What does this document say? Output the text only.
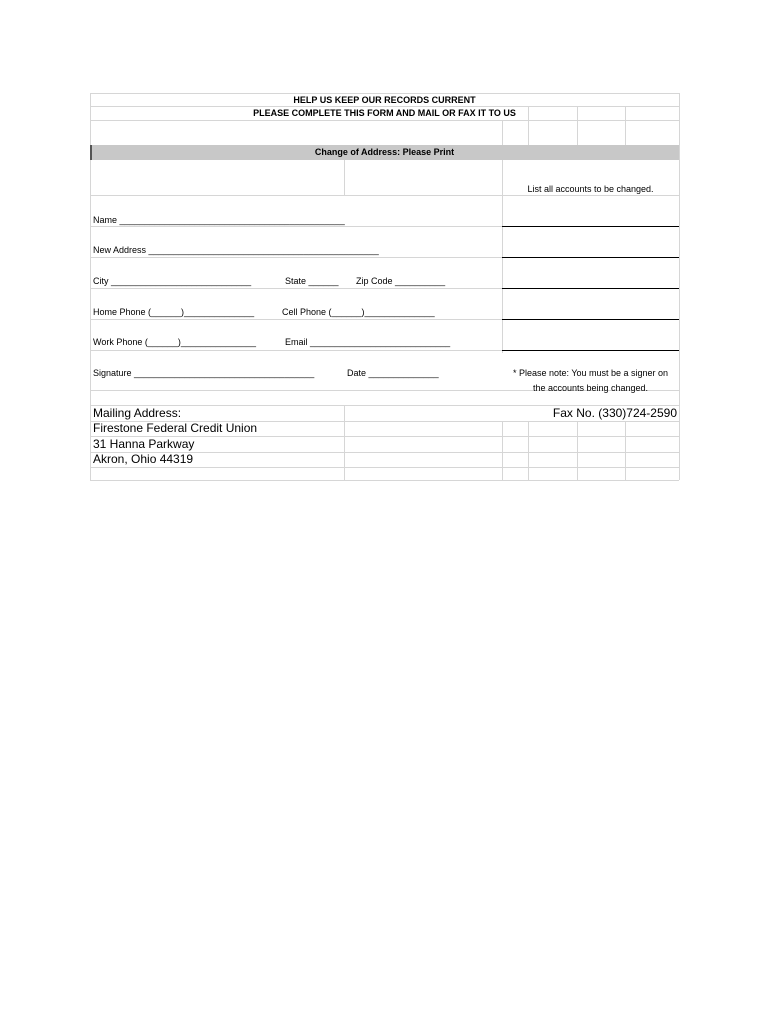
HELP US KEEP OUR RECORDS CURRENT
PLEASE COMPLETE THIS FORM AND MAIL OR FAX IT TO US
Change of Address: Please Print
List all accounts to be changed.
Name _____________________________________________
New Address ______________________________________________
City ____________________________	State ______ Zip Code __________
Home Phone (______)______________	Cell Phone (______)______________
Work Phone (______)_______________	Email ____________________________
Signature ____________________________________	Date ______________	* Please note: You must be a signer on
the accounts being changed.
Mailing Address:
Firestone Federal Credit Union
31 Hanna Parkway
Akron, Ohio 44319
Fax No. (330)724-2590
